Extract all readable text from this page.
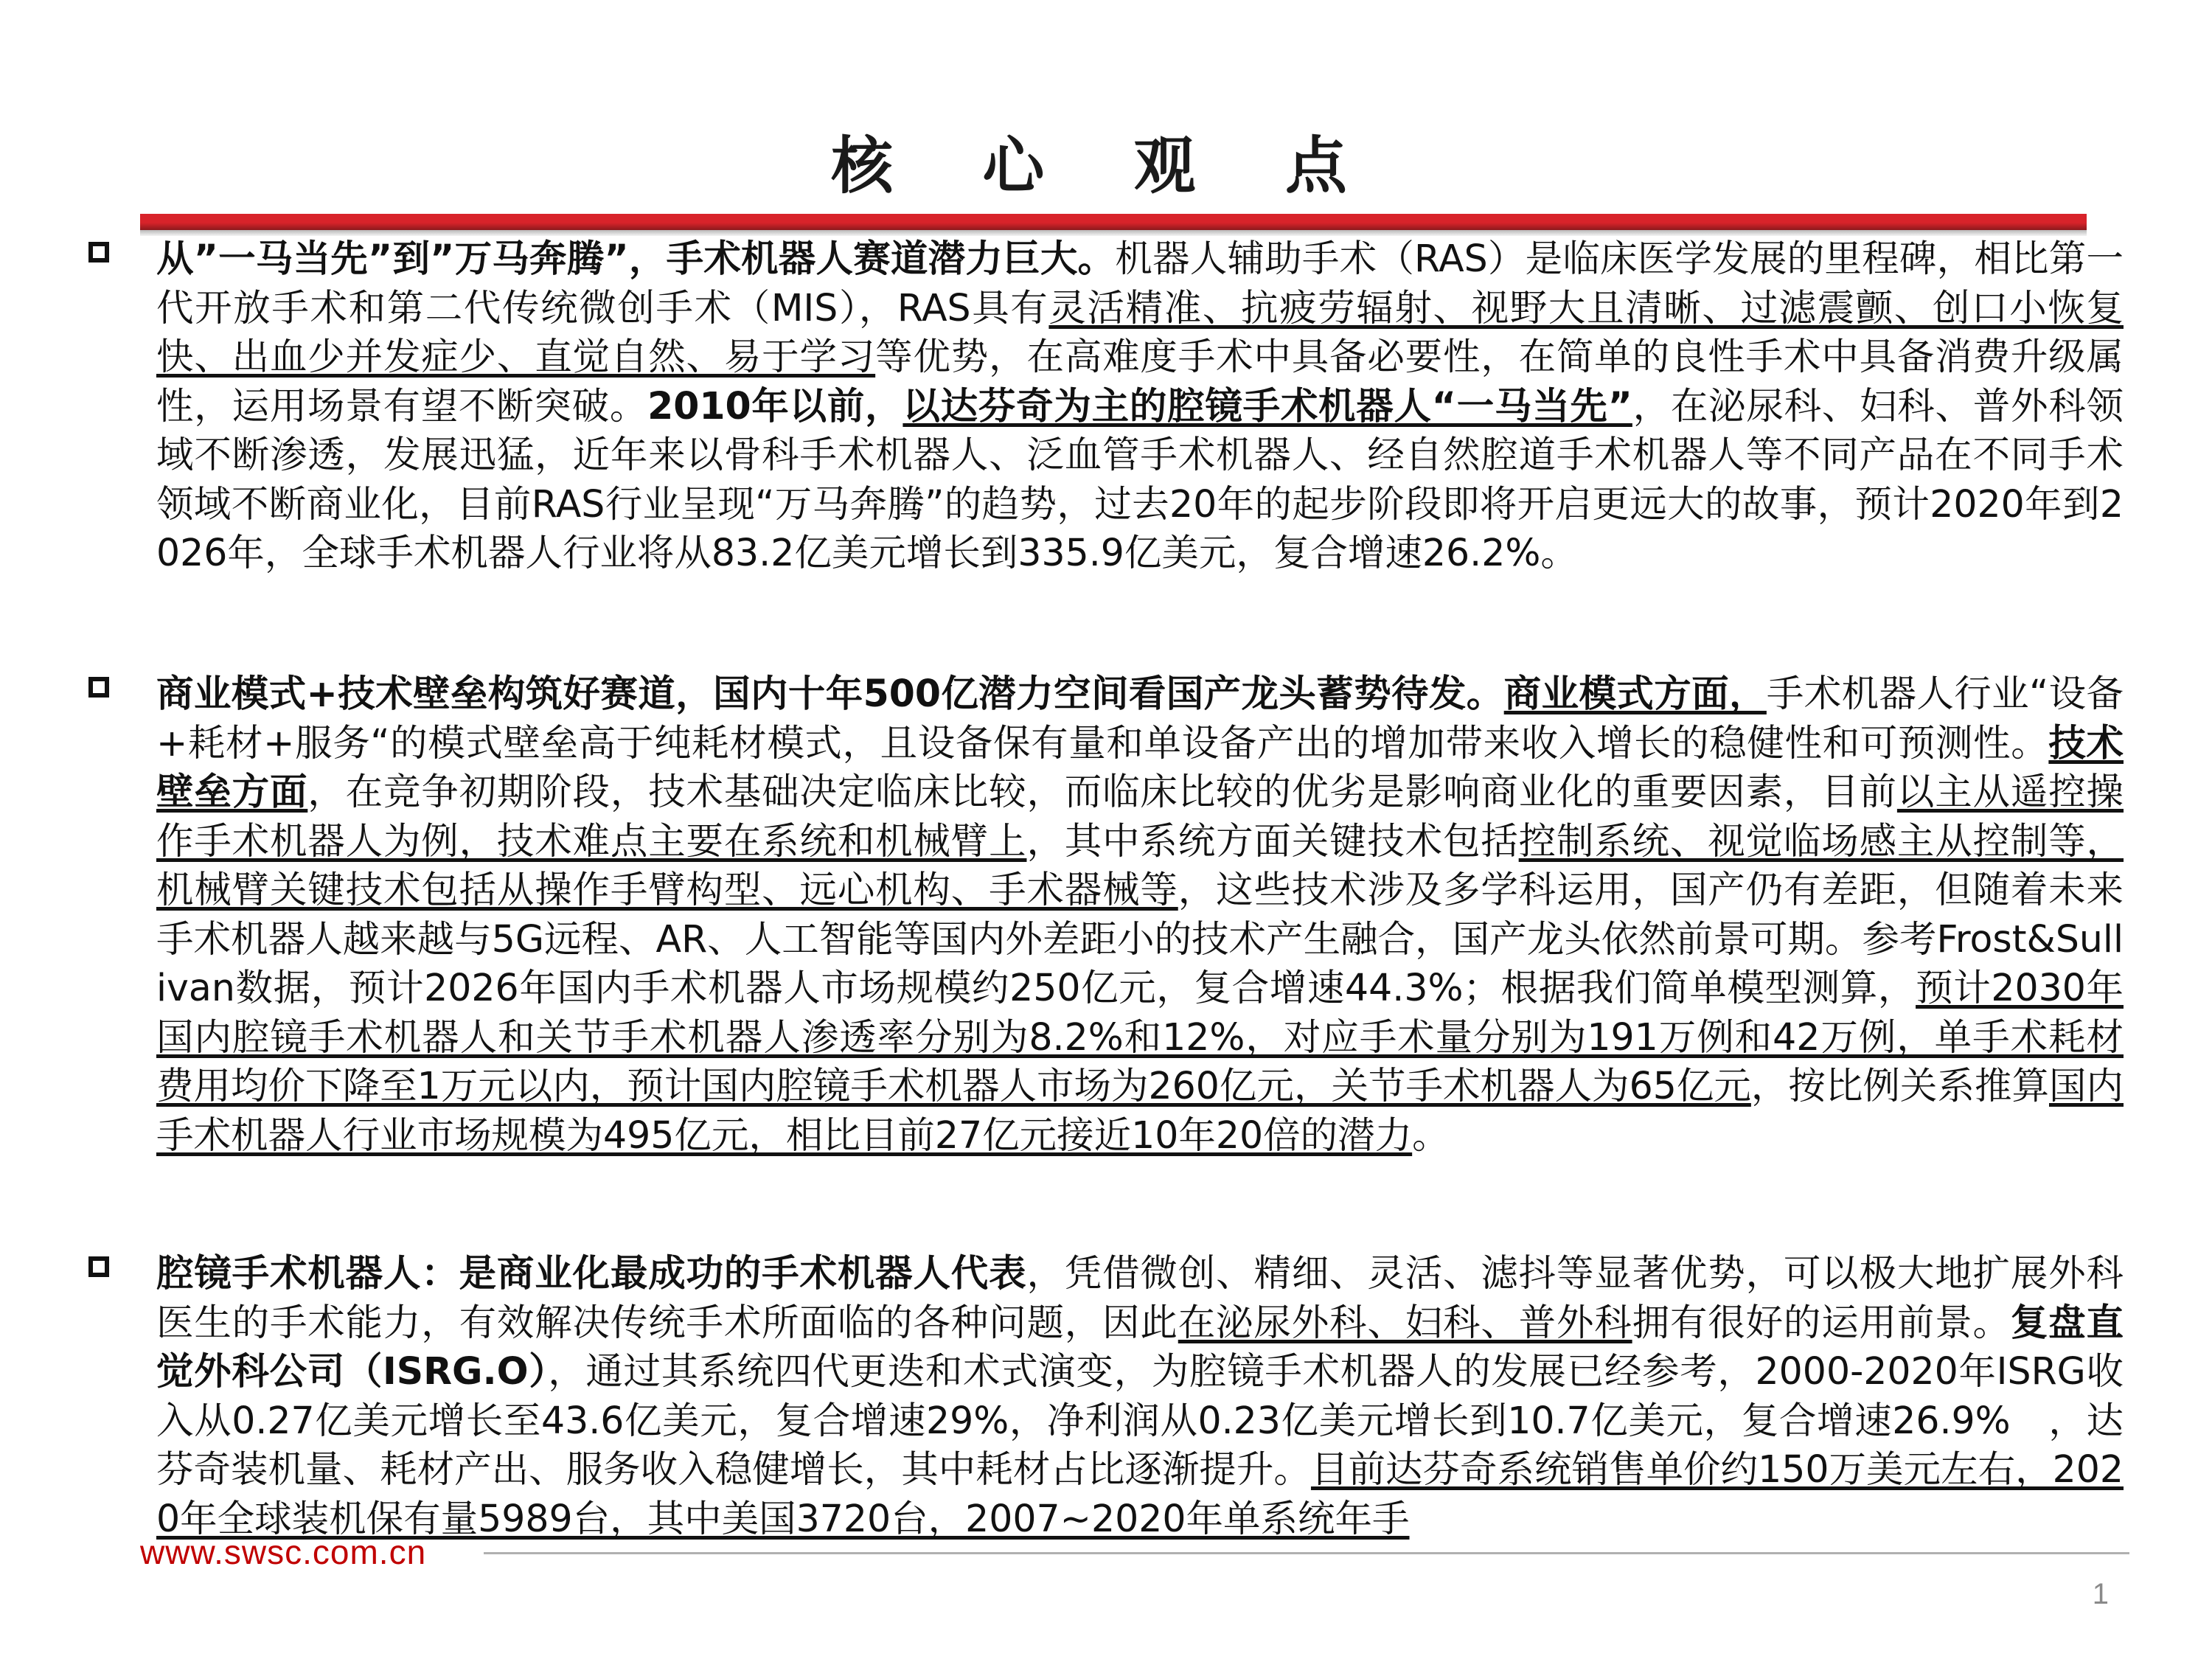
核 心 观 点
从”一马当先”到”万马奔腾”，手术机器人赛道潜力巨大。机器人辅助手术（RAS）是临床医学发展的里程碑，相比第一代开放手术和第二代传统微创手术（MIS），RAS具有灵活精准、抗疲劳辐射、视野大且清晰、过滤震颤、创口小恢复快、出血少并发症少、直觉自然、易于学习等优势，在高难度手术中具备必要性，在简单的良性手术中具备消费升级属性，运用场景有望不断突破。2010年以前，以达芬奇为主的腔镜手术机器人“一马当先”，在泌尿科、妇科、普外科领域不断渗透，发展迅猛，近年来以骨科手术机器人、泛血管手术机器人、经自然腔道手术机器人等不同产品在不同手术领域不断商业化，目前RAS行业呈现“万马奔腾”的趋势，过去20年的起步阶段即将开启更远大的故事，预计2020年到2026年，全球手术机器人行业将从83.2亿美元增长到335.9亿美元，复合增速26.2%。
商业模式+技术壁垒构筑好赛道，国内十年500亿潜力空间看国产龙头蓄势待发。商业模式方面，手术机器人行业“设备+耗材+服务“的模式壁垒高于纯耗材模式，且设备保有量和单设备产出的增加带来收入增长的稳健性和可预测性。技术壁垒方面，在竞争初期阶段，技术基础决定临床比较，而临床比较的优劣是影响商业化的重要因素，目前以主从遥控操作手术机器人为例，技术难点主要在系统和机械臂上，其中系统方面关键技术包括控制系统、视觉临场感主从控制等，机械臂关键技术包括从操作手臂构型、远心机构、手术器械等，这些技术涉及多学科运用，国产仍有差距，但随着未来手术机器人越来越与5G远程、AR、人工智能等国内外差距小的技术产生融合，国产龙头依然前景可期。参考Frost&Sullivan数据，预计2026年国内手术机器人市场规模约250亿元，复合增速44.3%；根据我们简单模型测算，预计2030年国内腔镜手术机器人和关节手术机器人渗透率分别为8.2%和12%，对应手术量分别为191万例和42万例，单手术耗材费用均价下降至1万元以内，预计国内腔镜手术机器人市场为260亿元，关节手术机器人为65亿元，按比例关系推算国内手术机器人行业市场规模为495亿元，相比目前27亿元接近10年20倍的潜力。
腔镜手术机器人：是商业化最成功的手术机器人代表，凭借微创、精细、灵活、滤抖等显著优势，可以极大地扩展外科医生的手术能力，有效解决传统手术所面临的各种问题，因此在泌尿外科、妇科、普外科拥有很好的运用前景。复盘直觉外科公司（ISRG.O），通过其系统四代更迭和术式演变，为腔镜手术机器人的发展已经参考，2000-2020年ISRG收入从0.27亿美元增长至43.6亿美元，复合增速29%，净利润从0.23亿美元增长到10.7亿美元，复合增速26.9%　，达芬奇装机量、耗材产出、服务收入稳健增长，其中耗材占比逐渐提升。目前达芬奇系统销售单价约150万美元左右，2020年全球装机保有量5989台，其中美国3720台，2007~2020年单系统年手
www.swsc.com.cn
1
